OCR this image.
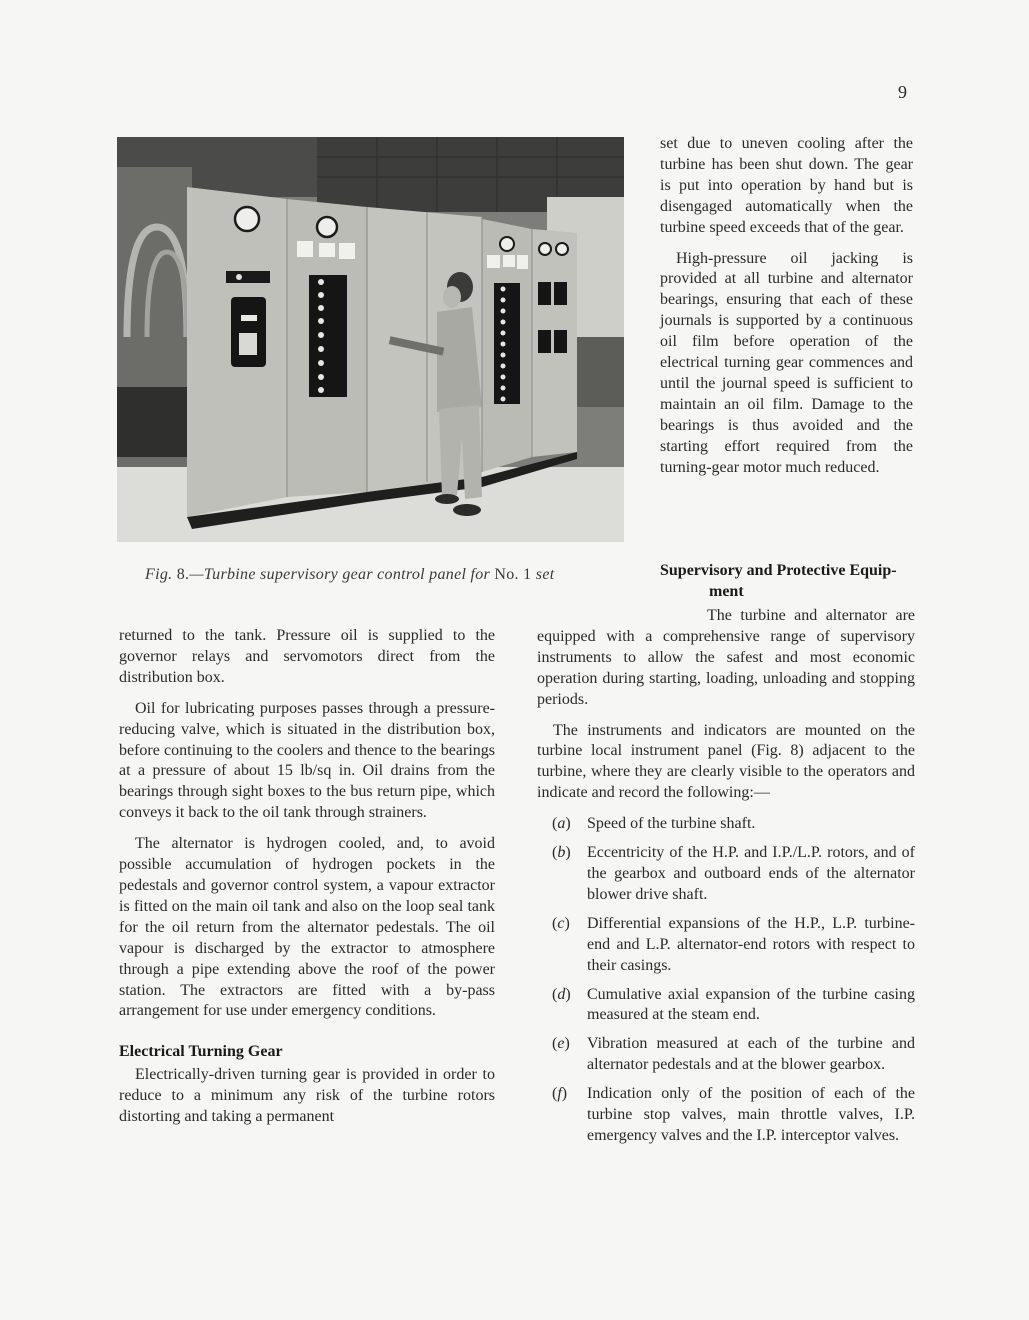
9
Fig. 8.—Turbine supervisory gear control panel for No. 1 set

set due to uneven cooling after the turbine has been shut down. The gear is put into operation by hand but is disengaged automatically when the turbine speed exceeds that of the gear.

High-pressure oil jacking is provided at all turbine and alternator bearings, ensuring that each of these journals is supported by a continuous oil film before operation of the electrical turning gear commences and until the journal speed is sufficient to maintain an oil film. Damage to the bearings is thus avoided and the starting effort required from the turning-gear motor much reduced.

Supervisory and Protective Equip-
ment

returned to the tank. Pressure oil is supplied to the governor relays and servomotors direct from the distribution box.

Oil for lubricating purposes passes through a pressure-reducing valve, which is situated in the distribution box, before continuing to the coolers and thence to the bearings at a pressure of about 15 lb/sq in. Oil drains from the bearings through sight boxes to the bus return pipe, which conveys it back to the oil tank through strainers.

The alternator is hydrogen cooled, and, to avoid possible accumulation of hydrogen pockets in the pedestals and governor control system, a vapour extractor is fitted on the main oil tank and also on the loop seal tank for the oil return from the alternator pedestals. The oil vapour is discharged by the extractor to atmosphere through a pipe extending above the roof of the power station. The extractors are fitted with a by-pass arrangement for use under emergency conditions.

Electrical Turning Gear

Electrically-driven turning gear is provided in order to reduce to a minimum any risk of the turbine rotors distorting and taking a permanent

The turbine and alternator are equipped with a comprehensive range of supervisory instruments to allow the safest and most economic operation during starting, loading, unloading and stopping periods.

The instruments and indicators are mounted on the turbine local instrument panel (Fig. 8) adjacent to the turbine, where they are clearly visible to the operators and indicate and record the following:—

(a) Speed of the turbine shaft.
(b) Eccentricity of the H.P. and I.P./L.P. rotors, and of the gearbox and outboard ends of the alternator blower drive shaft.
(c) Differential expansions of the H.P., L.P. turbine-end and L.P. alternator-end rotors with respect to their casings.
(d) Cumulative axial expansion of the turbine casing measured at the steam end.
(e) Vibration measured at each of the turbine and alternator pedestals and at the blower gearbox.
(f) Indication only of the position of each of the turbine stop valves, main throttle valves, I.P. emergency valves and the I.P. interceptor valves.
